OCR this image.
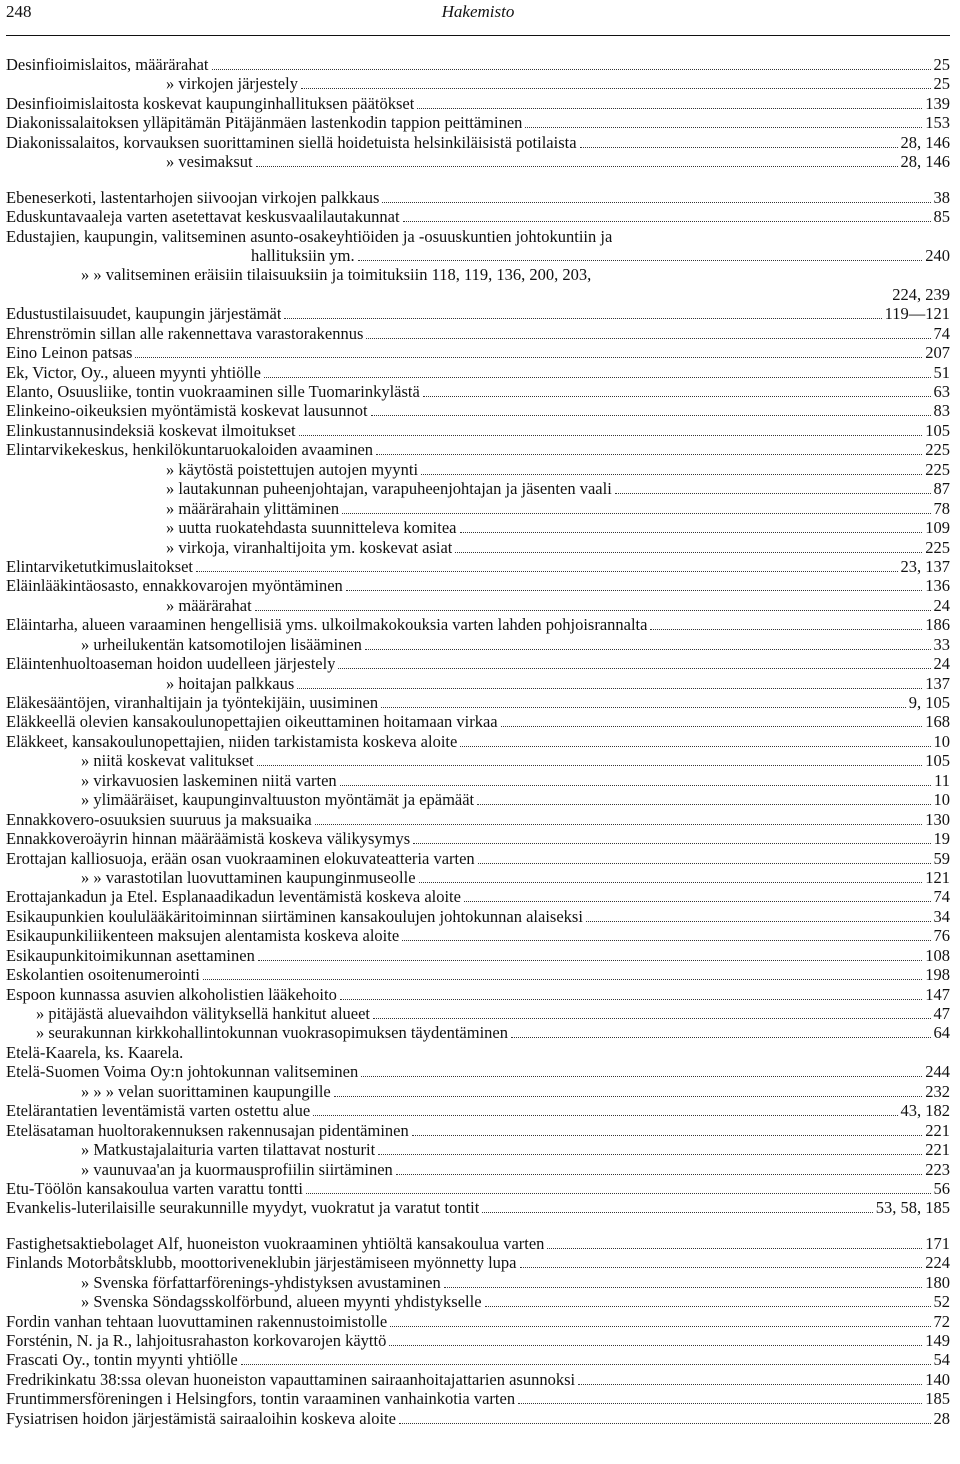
248	Hakemisto
Desinfioimislaitos, määrärahat	25
» virkojen järjestely	25
Desinfioimislaitosta koskevat kaupunginhallituksen päätökset	139
Diakonissalaitoksen ylläpitämän Pitäjänmäen lastenkodin tappion peittäminen	153
Diakonissalaitos, korvauksen suorittaminen siellä hoidetuista helsinkiläisistä potilaista	28, 146
» vesimaksut	28, 146
Ebeneserkoti, lastentarhojen siivoojan virkojen palkkaus	38
Eduskuntavaaleja varten asetettavat keskusvaalilautakunnat	85
Edustajien, kaupungin, valitseminen asunto-osakeyhtiöiden ja -osuuskuntien johtokuntiin ja
hallituksiin ym.	240
» » valitseminen eräisiin tilaisuuksiin ja toimituksiin 118, 119, 136, 200, 203,
224, 239
Edustustilaisuudet, kaupungin järjestämät	119—121
Ehrenströmin sillan alle rakennettava varastorakennus	74
Eino Leinon patsas	207
Ek, Victor, Oy., alueen myynti yhtiölle	51
Elanto, Osuusliike, tontin vuokraaminen sille Tuomarinkylästä	63
Elinkeino-oikeuksien myöntämistä koskevat lausunnot	83
Elinkustannusindeksiä koskevat ilmoitukset	105
Elintarvikekeskus, henkilökuntaruokaloiden avaaminen	225
» käytöstä poistettujen autojen myynti	225
» lautakunnan puheenjohtajan, varapuheenjohtajan ja jäsenten vaali	87
» määrärahain ylittäminen	78
» uutta ruokatehdasta suunnitteleva komitea	109
» virkoja, viranhaltijoita ym. koskevat asiat	225
Elintarviketutkimuslaitokset	23, 137
Eläinlääkintäosasto, ennakkovarojen myöntäminen	136
» määrärahat	24
Eläintarha, alueen varaaminen hengellisiä yms. ulkoilmakokouksia varten lahden pohjoisrannalta	186
» urheilukentän katsomotilojen lisääminen	33
Eläintenhuoltoaseman hoidon uudelleen järjestely	24
» hoitajan palkkaus	137
Eläkesääntöjen, viranhaltijain ja työntekijäin, uusiminen	9, 105
Eläkkeellä olevien kansakoulunopettajien oikeuttaminen hoitamaan virkaa	168
Eläkkeet, kansakoulunopettajien, niiden tarkistamista koskeva aloite	10
» niitä koskevat valitukset	105
» virkavuosien laskeminen niitä varten	11
» ylimääräiset, kaupunginvaltuuston myöntämät ja epämäät	10
Ennakkovero-osuuksien suuruus ja maksuaika	130
Ennakkoveroäyrin hinnan määräämistä koskeva välikysymys	19
Erottajan kalliosuoja, erään osan vuokraaminen elokuvateatteria varten	59
» » varastotilan luovuttaminen kaupunginmuseolle	121
Erottajankadun ja Etel. Esplanaadikadun leventämistä koskeva aloite	74
Esikaupunkien koululääkäritoiminnan siirtäminen kansakoulujen johtokunnan alaiseksi	34
Esikaupunkiliikenteen maksujen alentamista koskeva aloite	76
Esikaupunkitoimikunnan asettaminen	108
Eskolantien osoitenumerointi	198
Espoon kunnassa asuvien alkoholistien lääkehoito	147
» pitäjästä aluevaihdon välityksellä hankitut alueet	47
» seurakunnan kirkkohallintokunnan vuokrasopimuksen täydentäminen	64
Etelä-Kaarela, ks. Kaarela.
Etelä-Suomen Voima Oy:n johtokunnan valitseminen	244
» » » velan suorittaminen kaupungille	232
Etelärantatien leventämistä varten ostettu alue	43, 182
Eteläsataman huoltorakennuksen rakennusajan pidentäminen	221
» Matkustajalaituria varten tilattavat nosturit	221
» vaunuvaa'an ja kuormausprofiilin siirtäminen	223
Etu-Töölön kansakoulua varten varattu tontti	56
Evankelis-luterilaisille seurakunnille myydyt, vuokratut ja varatut tontit	53, 58, 185
Fastighetsaktiebolaget Alf, huoneiston vuokraaminen yhtiöltä kansakoulua varten	171
Finlands Motorbåtsklubb, moottoriveneklubin järjestämiseen myönnetty lupa	224
» Svenska författarförenings-yhdistyksen avustaminen	180
» Svenska Söndagsskolförbund, alueen myynti yhdistykselle	52
Fordin vanhan tehtaan luovuttaminen rakennustoimistolle	72
Forsténin, N. ja R., lahjoitusrahaston korkovarojen käyttö	149
Frascati Oy., tontin myynti yhtiölle	54
Fredrikinkatu 38:ssa olevan huoneiston vapauttaminen sairaanhoitajattarien asunnoksi	140
Fruntimmersföreningen i Helsingfors, tontin varaaminen vanhainkotia varten	185
Fysiatrisen hoidon järjestämistä sairaaloihin koskeva aloite	28
